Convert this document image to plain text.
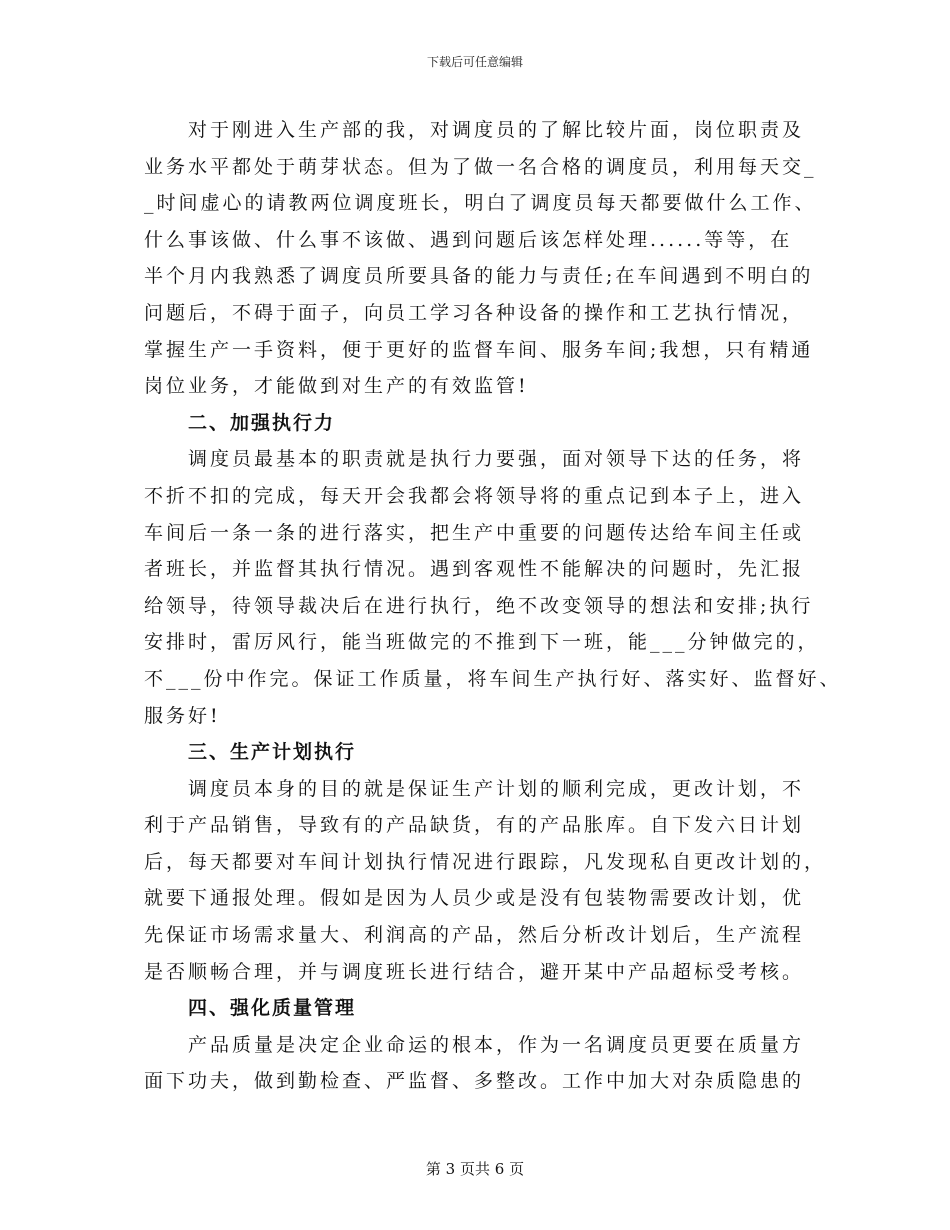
下载后可任意编辑
对于刚进入生产部的我，对调度员的了解比较片面，岗位职责及
业务水平都处于萌芽状态。但为了做一名合格的调度员，利用每天交_
_时间虚心的请教两位调度班长，明白了调度员每天都要做什么工作、
什么事该做、什么事不该做、遇到问题后该怎样处理......等等，在
半个月内我熟悉了调度员所要具备的能力与责任;在车间遇到不明白的
问题后，不碍于面子，向员工学习各种设备的操作和工艺执行情况，
掌握生产一手资料，便于更好的监督车间、服务车间;我想，只有精通
岗位业务，才能做到对生产的有效监管!
二、加强执行力
调度员最基本的职责就是执行力要强，面对领导下达的任务，将
不折不扣的完成，每天开会我都会将领导将的重点记到本子上，进入
车间后一条一条的进行落实，把生产中重要的问题传达给车间主任或
者班长，并监督其执行情况。遇到客观性不能解决的问题时，先汇报
给领导，待领导裁决后在进行执行，绝不改变领导的想法和安排;执行
安排时，雷厉风行，能当班做完的不推到下一班，能___分钟做完的，
不___份中作完。保证工作质量，将车间生产执行好、落实好、监督好、
服务好!
三、生产计划执行
调度员本身的目的就是保证生产计划的顺利完成，更改计划，不
利于产品销售，导致有的产品缺货，有的产品胀库。自下发六日计划
后，每天都要对车间计划执行情况进行跟踪，凡发现私自更改计划的，
就要下通报处理。假如是因为人员少或是没有包装物需要改计划，优
先保证市场需求量大、利润高的产品，然后分析改计划后，生产流程
是否顺畅合理，并与调度班长进行结合，避开某中产品超标受考核。
四、强化质量管理
产品质量是决定企业命运的根本，作为一名调度员更要在质量方
面下功夫，做到勤检查、严监督、多整改。工作中加大对杂质隐患的
第 3 页共 6 页
